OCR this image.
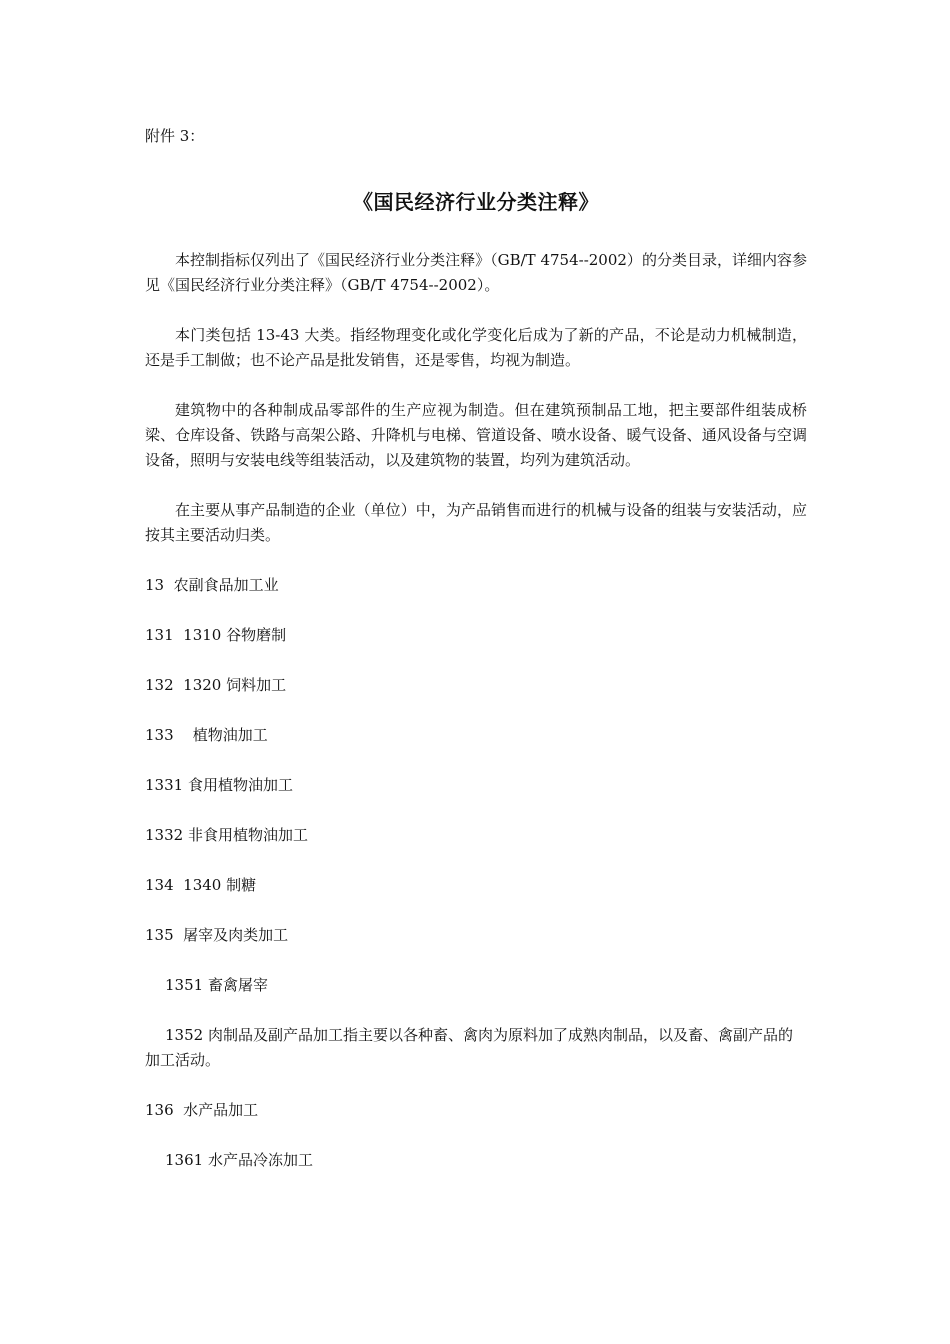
附件 3：

《国民经济行业分类注释》

本控制指标仅列出了《国民经济行业分类注释》（GB/T 4754--2002）的分类目录，详细内容参见《国民经济行业分类注释》（GB/T 4754--2002）。

本门类包括 13-43 大类。指经物理变化或化学变化后成为了新的产品，不论是动力机械制造，还是手工制做；也不论产品是批发销售，还是零售，均视为制造。

建筑物中的各种制成品零部件的生产应视为制造。但在建筑预制品工地，把主要部件组装成桥梁、仓库设备、铁路与高架公路、升降机与电梯、管道设备、喷水设备、暖气设备、通风设备与空调设备，照明与安装电线等组装活动，以及建筑物的装置，均列为建筑活动。

在主要从事产品制造的企业（单位）中，为产品销售而进行的机械与设备的组装与安装活动，应按其主要活动归类。

13  农副食品加工业
131  1310 谷物磨制
132  1320 饲料加工
133    植物油加工
1331 食用植物油加工
1332 非食用植物油加工
134  1340 制糖
135  屠宰及肉类加工
1351 畜禽屠宰
1352 肉制品及副产品加工指主要以各种畜、禽肉为原料加了成熟肉制品，以及畜、禽副产品的加工活动。
136  水产品加工
1361 水产品冷冻加工
